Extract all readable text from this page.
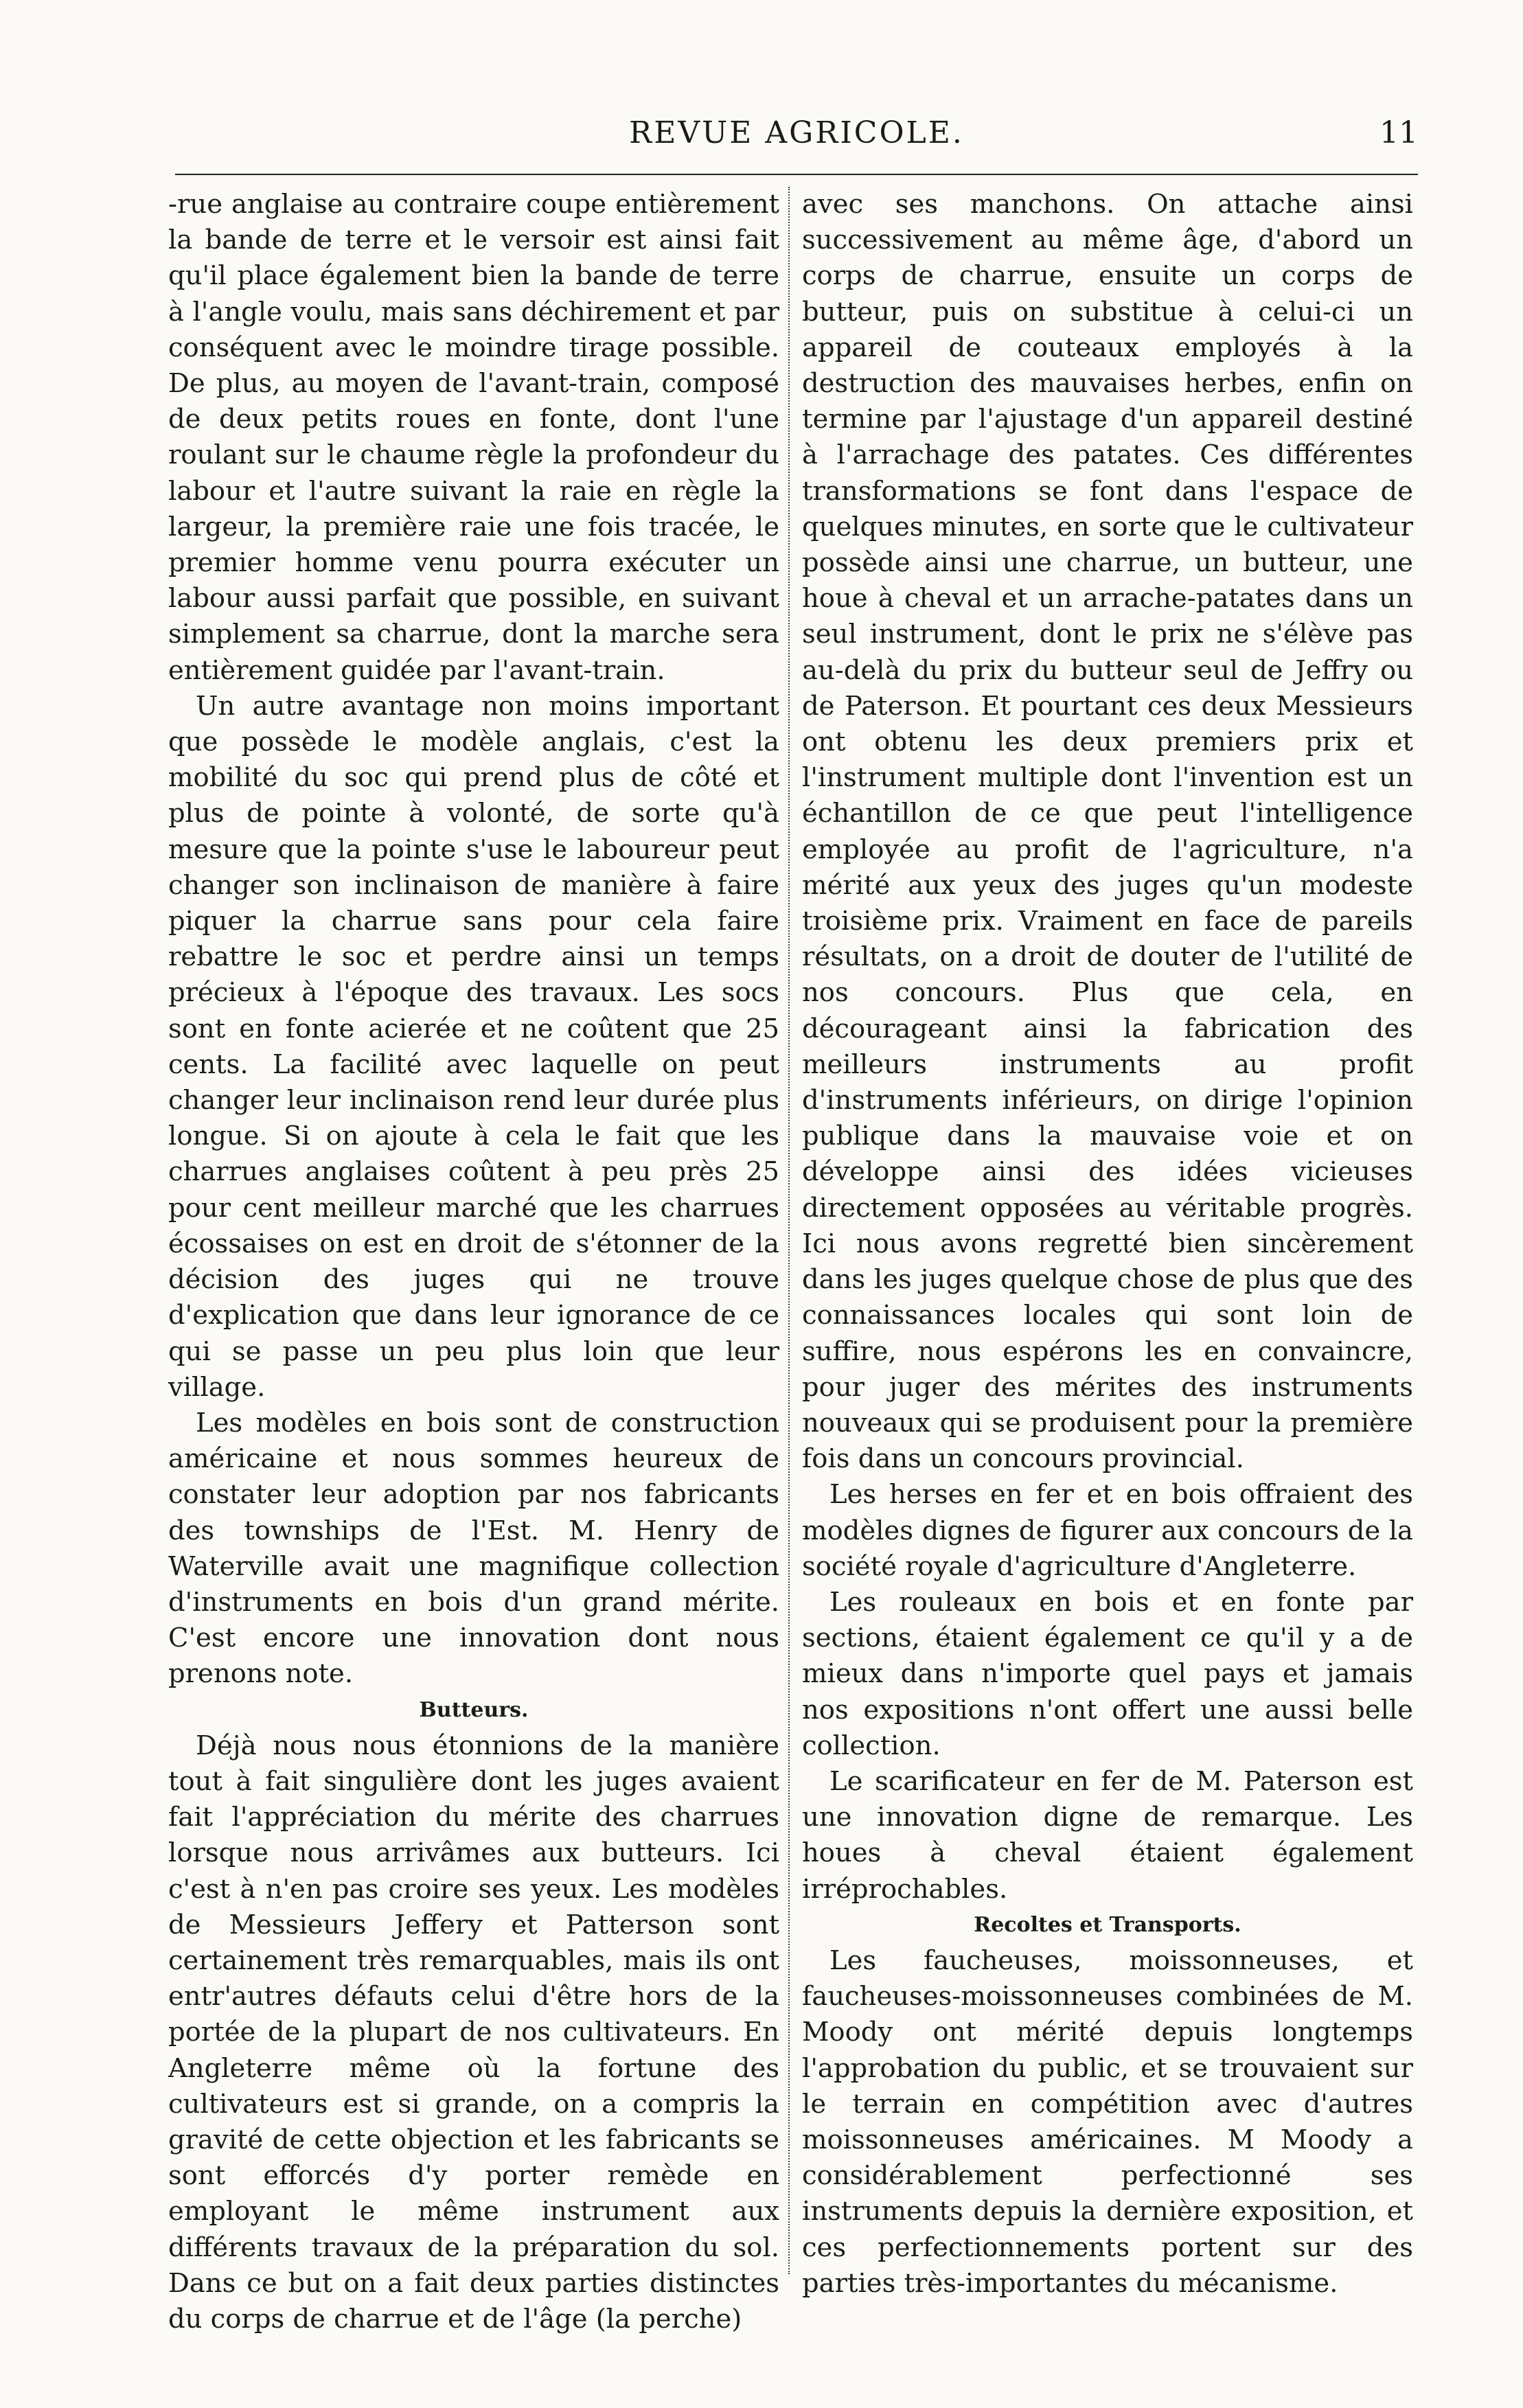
REVUE AGRICOLE.	11

-rue anglaise au contraire coupe entièrement la bande de terre et le versoir est ainsi fait qu'il place également bien la bande de terre à l'angle voulu, mais sans déchirement et par conséquent avec le moindre tirage possible. De plus, au moyen de l'avant-train, composé de deux petits roues en fonte, dont l'une roulant sur le chaume règle la profondeur du labour et l'autre suivant la raie en règle la largeur, la première raie une fois tracée, le premier homme venu pourra exécuter un labour aussi parfait que possible, en suivant simplement sa charrue, dont la marche sera entièrement guidée par l'avant-train.

Un autre avantage non moins important que possède le modèle anglais, c'est la mobilité du soc qui prend plus de côté et plus de pointe à volonté, de sorte qu'à mesure que la pointe s'use le laboureur peut changer son inclinaison de manière à faire piquer la charrue sans pour cela faire rebattre le soc et perdre ainsi un temps précieux à l'époque des travaux. Les socs sont en fonte acierée et ne coûtent que 25 cents. La facilité avec laquelle on peut changer leur inclinaison rend leur durée plus longue. Si on ajoute à cela le fait que les charrues anglaises coûtent à peu près 25 pour cent meilleur marché que les charrues écossaises on est en droit de s'étonner de la décision des juges qui ne trouve d'explication que dans leur ignorance de ce qui se passe un peu plus loin que leur village.

Les modèles en bois sont de construction américaine et nous sommes heureux de constater leur adoption par nos fabricants des townships de l'Est. M. Henry de Waterville avait une magnifique collection d'instruments en bois d'un grand mérite. C'est encore une innovation dont nous prenons note.

Butteurs.

Déjà nous nous étonnions de la manière tout à fait singulière dont les juges avaient fait l'appréciation du mérite des charrues lorsque nous arrivâmes aux butteurs. Ici c'est à n'en pas croire ses yeux. Les modèles de Messieurs Jeffery et Patterson sont certainement très remarquables, mais ils ont entr'autres défauts celui d'être hors de la portée de la plupart de nos cultivateurs. En Angleterre même où la fortune des cultivateurs est si grande, on a compris la gravité de cette objection et les fabricants se sont efforcés d'y porter remède en employant le même instrument aux différents travaux de la préparation du sol. Dans ce but on a fait deux parties distinctes du corps de charrue et de l'âge (la perche)

avec ses manchons. On attache ainsi successivement au même âge, d'abord un corps de charrue, ensuite un corps de butteur, puis on substitue à celui-ci un appareil de couteaux employés à la destruction des mauvaises herbes, enfin on termine par l'ajustage d'un appareil destiné à l'arrachage des patates. Ces différentes transformations se font dans l'espace de quelques minutes, en sorte que le cultivateur possède ainsi une charrue, un butteur, une houe à cheval et un arrache-patates dans un seul instrument, dont le prix ne s'élève pas au-delà du prix du butteur seul de Jeffry ou de Paterson. Et pourtant ces deux Messieurs ont obtenu les deux premiers prix et l'instrument multiple dont l'invention est un échantillon de ce que peut l'intelligence employée au profit de l'agriculture, n'a mérité aux yeux des juges qu'un modeste troisième prix. Vraiment en face de pareils résultats, on a droit de douter de l'utilité de nos concours. Plus que cela, en décourageant ainsi la fabrication des meilleurs instruments au profit d'instruments inférieurs, on dirige l'opinion publique dans la mauvaise voie et on développe ainsi des idées vicieuses directement opposées au véritable progrès. Ici nous avons regretté bien sincèrement dans les juges quelque chose de plus que des connaissances locales qui sont loin de suffire, nous espérons les en convaincre, pour juger des mérites des instruments nouveaux qui se produisent pour la première fois dans un concours provincial.

Les herses en fer et en bois offraient des modèles dignes de figurer aux concours de la société royale d'agriculture d'Angleterre.

Les rouleaux en bois et en fonte par sections, étaient également ce qu'il y a de mieux dans n'importe quel pays et jamais nos expositions n'ont offert une aussi belle collection.

Le scarificateur en fer de M. Paterson est une innovation digne de remarque. Les houes à cheval étaient également irréprochables.

Recoltes et Transports.

Les faucheuses, moissonneuses, et faucheuses-moissonneuses combinées de M. Moody ont mérité depuis longtemps l'approbation du public, et se trouvaient sur le terrain en compétition avec d'autres moissonneuses américaines. M Moody a considérablement perfectionné ses instruments depuis la dernière exposition, et ces perfectionnements portent sur des parties très-importantes du mécanisme.
